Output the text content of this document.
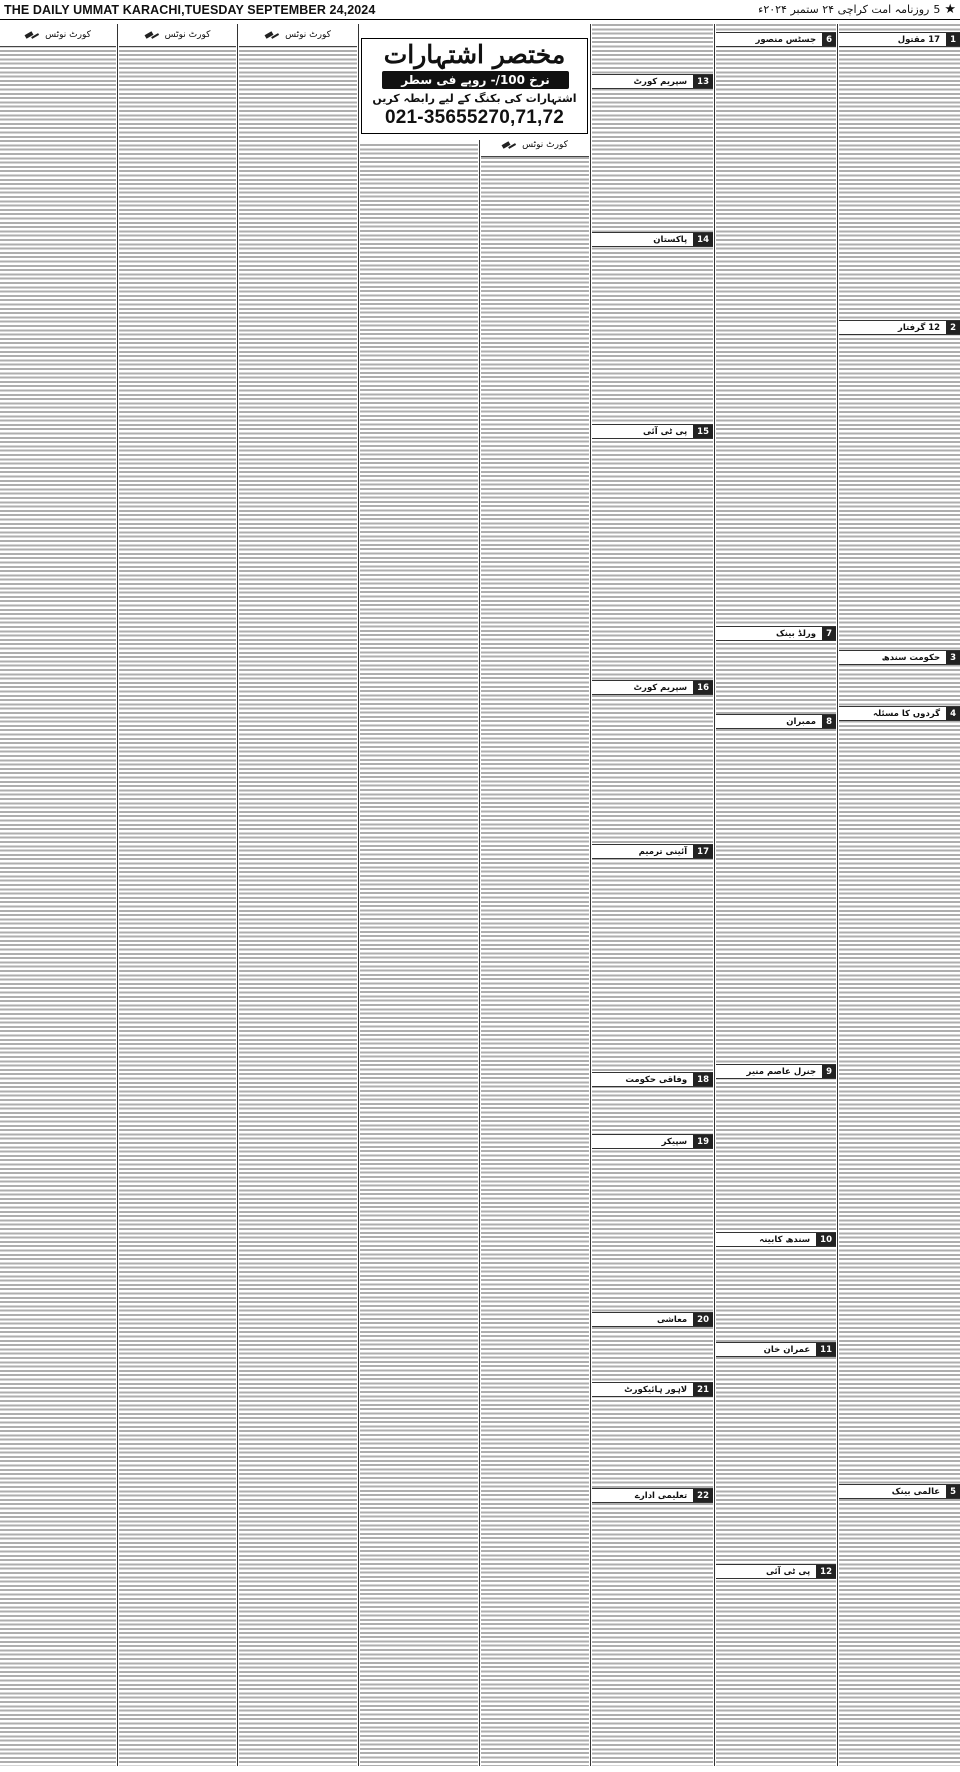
THE DAILY UMMAT KARACHI,TUESDAY SEPTEMBER 24,2024	★
5
روزنامہ امت کراچی ۲۴ ستمبر ۲۰۲۴ء
کورٹ نوٹس	کورٹ نوٹس	کورٹ نوٹس
کورٹ نوٹس
مختصر اشتہارات
نرخ ‎-/100‎ روپے فی سطر
اشتہارات کی بکنگ کے لیے رابطہ کریں
021-35655270,71,72
13
سپریم کورٹ
14
پاکستان
15
پی ٹی آئی
16
سپریم کورٹ
17
آئینی ترمیم
18
وفاقی حکومت
19
سپیکر
20
معاشی
21
لاہور ہائیکورٹ
22
تعلیمی ادارے
6
جسٹس منصور
7
ورلڈ بینک
8
ممبران
9
جنرل عاصم منیر
10
سندھ کابینہ
11
عمران خان
12
پی ٹی آئی
1
17 مقتول
2
12 گرفتار
3
حکومت سندھ
4
گردوں کا مسئلہ
5
عالمی بینک
